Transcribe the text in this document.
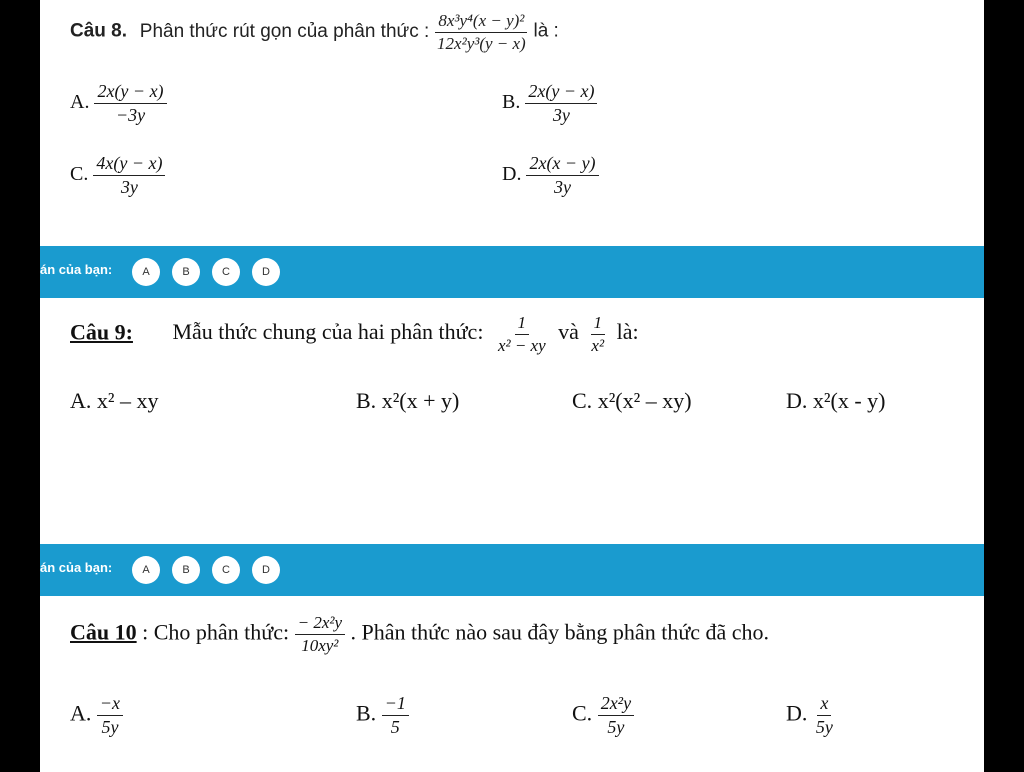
Câu 8. Phân thức rút gọn của phân thức : $\frac{\text{8x³y⁴(x − y)²}}{\text{12x²y³(y − x)}}$ là :
A. $\frac{2x(y - x)}{-3y}$	B. $\frac{2x(y - x)}{3y}$
C. $\frac{4x(y - x)}{3y}$	D. $\frac{2x(x - y)}{3y}$
án của bạn:	A	B	C	D
Câu 9: Mẫu thức chung của hai phân thức: $\frac{1}{\text{x² − xy}}$ và $\frac{1}{\text{x²}}$ là:
A. x² – xy	B. x²(x + y)	C. x²(x² – xy)	D. x²(x - y)
án của bạn:	A	B	C	D
Câu 10 : Cho phân thức: $\frac{\text{− 2x²y}}{\text{10xy²}}$ . Phân thức nào sau đây bằng phân thức đã cho.
A. $\frac{-x}{5y}$	B. $\frac{-1}{5}$	C. $\frac{\text{2x²y}}{5y}$	D. $\frac{x}{5y}$
